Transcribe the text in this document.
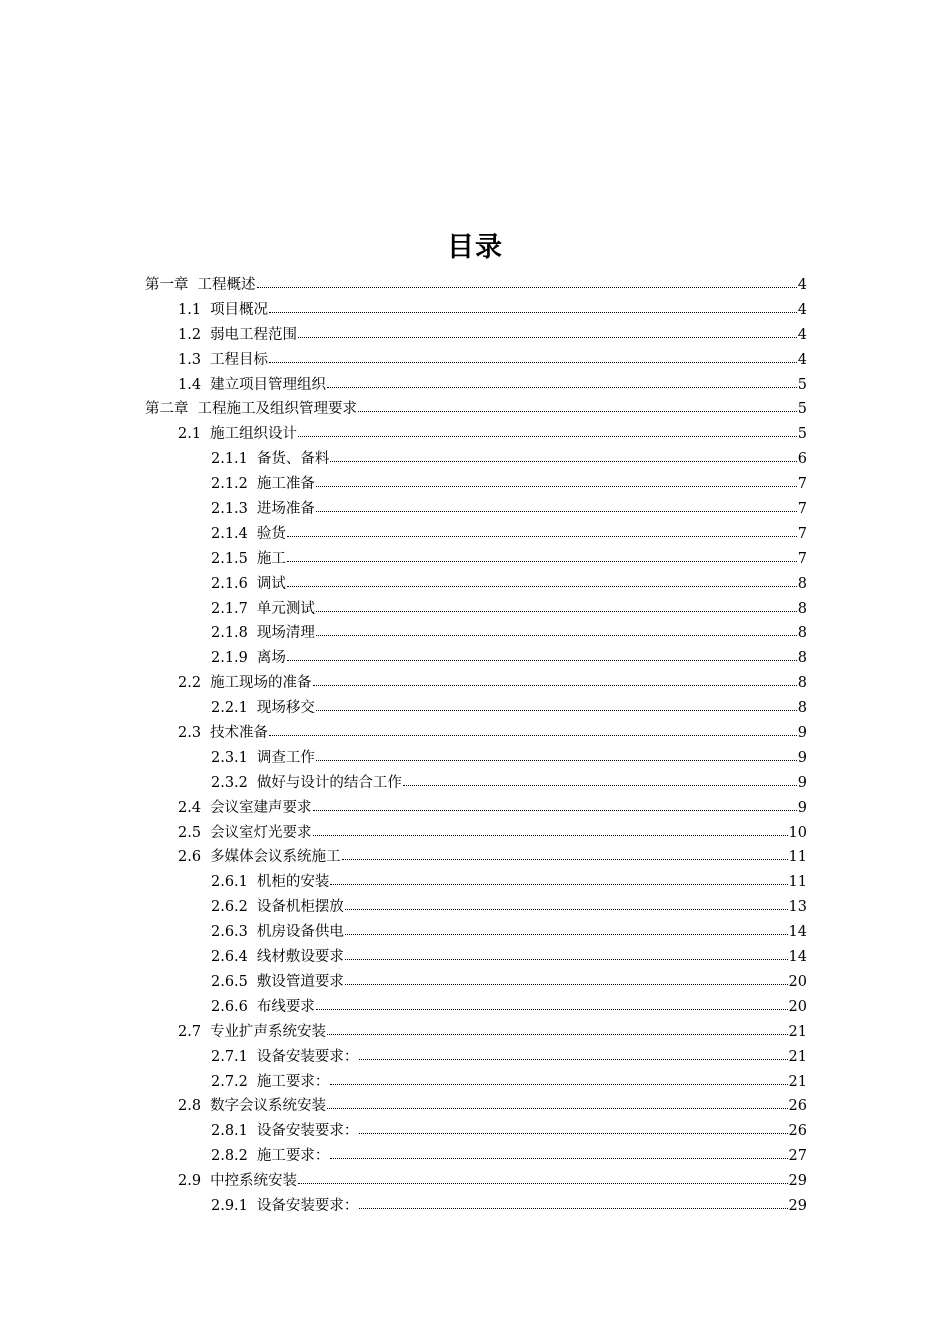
目录
第一章 工程概述	4
1.1 项目概况	4
1.2 弱电工程范围	4
1.3 工程目标	4
1.4 建立项目管理组织	5
第二章 工程施工及组织管理要求	5
2.1 施工组织设计	5
2.1.1 备货、备料	6
2.1.2 施工准备	7
2.1.3 进场准备	7
2.1.4 验货	7
2.1.5 施工	7
2.1.6 调试	8
2.1.7 单元测试	8
2.1.8 现场清理	8
2.1.9 离场	8
2.2 施工现场的准备	8
2.2.1 现场移交	8
2.3 技术准备	9
2.3.1 调查工作	9
2.3.2 做好与设计的结合工作	9
2.4 会议室建声要求	9
2.5 会议室灯光要求	10
2.6 多媒体会议系统施工	11
2.6.1 机柜的安装	11
2.6.2 设备机柜摆放	13
2.6.3 机房设备供电	14
2.6.4 线材敷设要求	14
2.6.5 敷设管道要求	20
2.6.6 布线要求	20
2.7 专业扩声系统安装	21
2.7.1 设备安装要求：	21
2.7.2 施工要求：	21
2.8 数字会议系统安装	26
2.8.1 设备安装要求：	26
2.8.2 施工要求：	27
2.9 中控系统安装	29
2.9.1 设备安装要求：	29
